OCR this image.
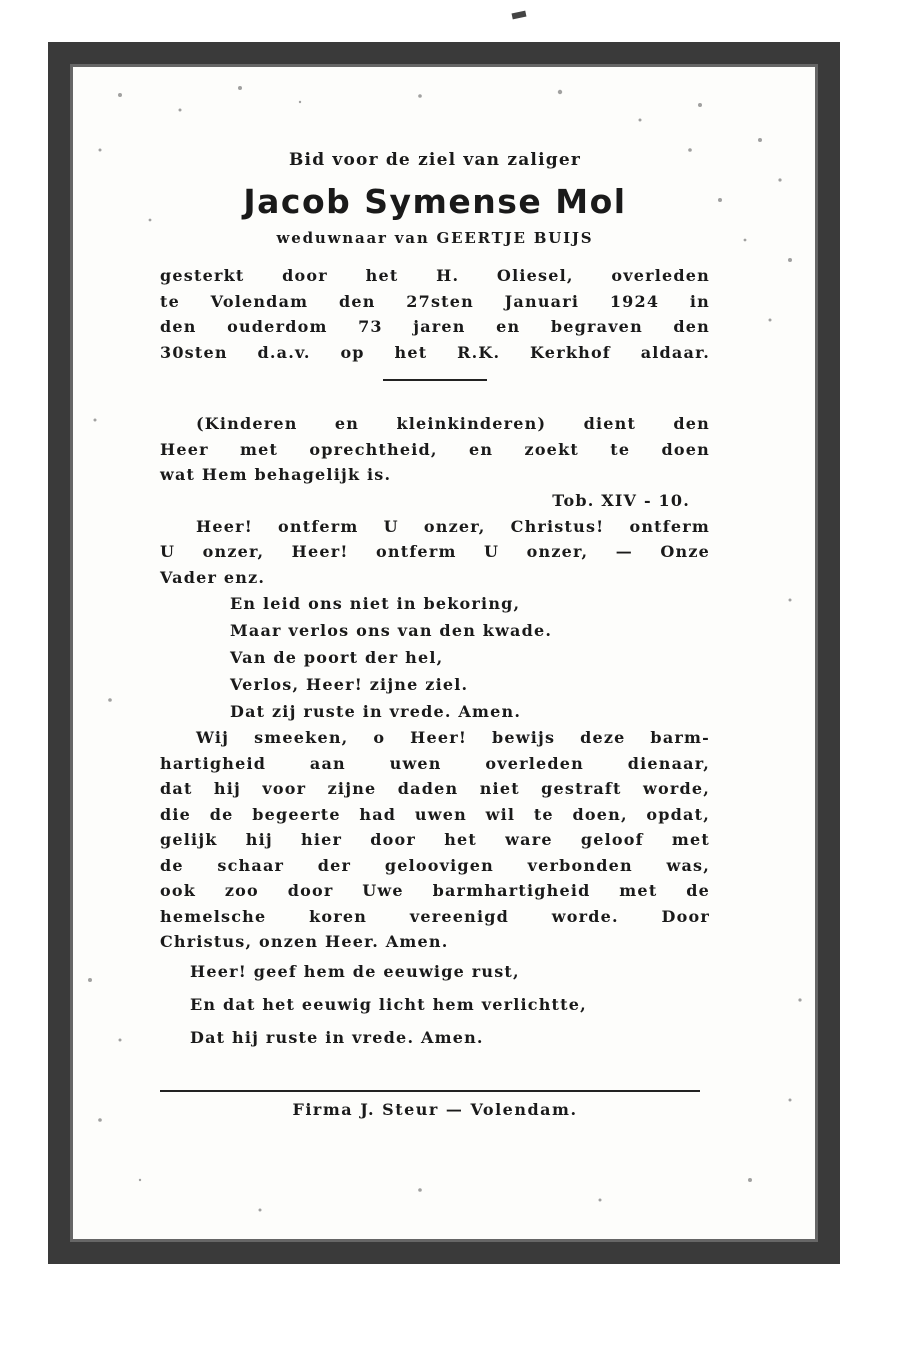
Bid voor de ziel van zaliger

Jacob Symense Mol

weduwnaar van GEERTJE BUIJS

gesterkt door het H. Oliesel, overleden

te Volendam den 27sten Januari 1924 in

den ouderdom 73 jaren en begraven den

30sten d.a.v. op het R.K. Kerkhof aldaar.

(Kinderen en kleinkinderen) dient den

Heer met oprechtheid, en zoekt te doen

wat Hem behagelijk is.

Tob. XIV - 10.

Heer! ontferm U onzer, Christus! ontferm

U onzer, Heer! ontferm U onzer, — Onze

Vader enz.

En leid ons niet in bekoring,

Maar verlos ons van den kwade.

Van de poort der hel,

Verlos, Heer! zijne ziel.

Dat zij ruste in vrede. Amen.

Wij smeeken, o Heer! bewijs deze barm-

hartigheid aan uwen overleden dienaar,

dat hij voor zijne daden niet gestraft worde,

die de begeerte had uwen wil te doen, opdat,

gelijk hij hier door het ware geloof met

de schaar der geloovigen verbonden was,

ook zoo door Uwe barmhartigheid met de

hemelsche koren vereenigd worde. Door

Christus, onzen Heer. Amen.

Heer! geef hem de eeuwige rust,

En dat het eeuwig licht hem verlichtte,

Dat hij ruste in vrede. Amen.

Firma J. Steur — Volendam.
